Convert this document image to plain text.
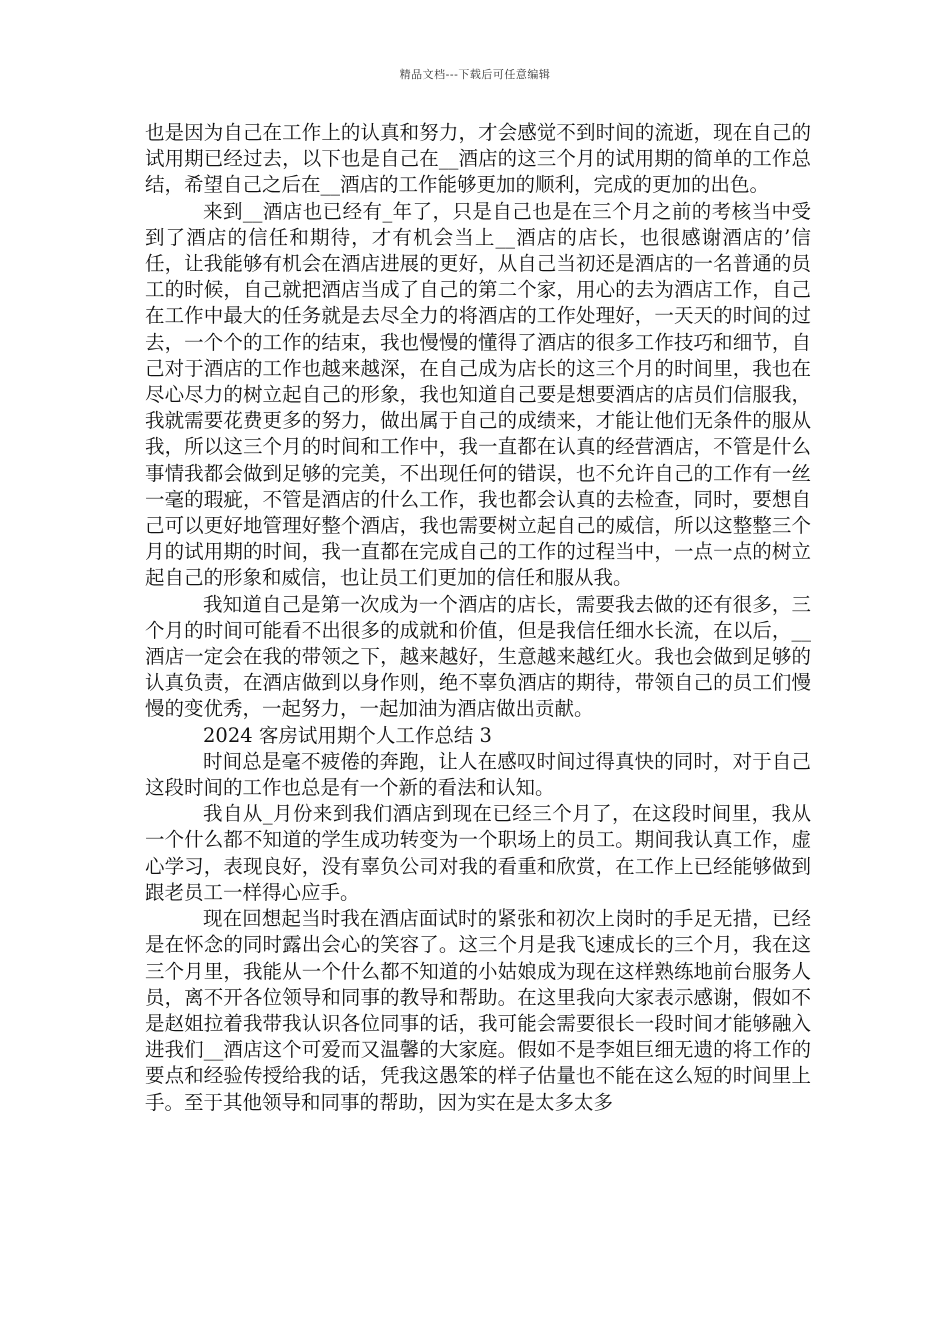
精品文档---下载后可任意编辑

也是因为自己在工作上的认真和努力，才会感觉不到时间的流逝，现在自己的试用期已经过去，以下也是自己在__酒店的这三个月的试用期的简单的工作总结，希望自己之后在__酒店的工作能够更加的顺利，完成的更加的出色。

来到__酒店也已经有_年了，只是自己也是在三个月之前的考核当中受到了酒店的信任和期待，才有机会当上__酒店的店长，也很感谢酒店的’信任，让我能够有机会在酒店进展的更好，从自己当初还是酒店的一名普通的员工的时候，自己就把酒店当成了自己的第二个家，用心的去为酒店工作，自己在工作中最大的任务就是去尽全力的将酒店的工作处理好，一天天的时间的过去，一个个的工作的结束，我也慢慢的懂得了酒店的很多工作技巧和细节，自己对于酒店的工作也越来越深，在自己成为店长的这三个月的时间里，我也在尽心尽力的树立起自己的形象，我也知道自己要是想要酒店的店员们信服我，我就需要花费更多的努力，做出属于自己的成绩来，才能让他们无条件的服从我，所以这三个月的时间和工作中，我一直都在认真的经营酒店，不管是什么事情我都会做到足够的完美，不出现任何的错误，也不允许自己的工作有一丝一毫的瑕疵，不管是酒店的什么工作，我也都会认真的去检查，同时，要想自己可以更好地管理好整个酒店，我也需要树立起自己的威信，所以这整整三个月的试用期的时间，我一直都在完成自己的工作的过程当中，一点一点的树立起自己的形象和威信，也让员工们更加的信任和服从我。

我知道自己是第一次成为一个酒店的店长，需要我去做的还有很多，三个月的时间可能看不出很多的成就和价值，但是我信任细水长流，在以后，__酒店一定会在我的带领之下，越来越好，生意越来越红火。我也会做到足够的认真负责，在酒店做到以身作则，绝不辜负酒店的期待，带领自己的员工们慢慢的变优秀，一起努力，一起加油为酒店做出贡献。

2024 客房试用期个人工作总结 3

时间总是毫不疲倦的奔跑，让人在感叹时间过得真快的同时，对于自己这段时间的工作也总是有一个新的看法和认知。

我自从_月份来到我们酒店到现在已经三个月了，在这段时间里，我从一个什么都不知道的学生成功转变为一个职场上的员工。期间我认真工作，虚心学习，表现良好，没有辜负公司对我的看重和欣赏，在工作上已经能够做到跟老员工一样得心应手。

现在回想起当时我在酒店面试时的紧张和初次上岗时的手足无措，已经是在怀念的同时露出会心的笑容了。这三个月是我飞速成长的三个月，我在这三个月里，我能从一个什么都不知道的小姑娘成为现在这样熟练地前台服务人员，离不开各位领导和同事的教导和帮助。在这里我向大家表示感谢，假如不是赵姐拉着我带我认识各位同事的话，我可能会需要很长一段时间才能够融入进我们__酒店这个可爱而又温馨的大家庭。假如不是李姐巨细无遗的将工作的要点和经验传授给我的话，凭我这愚笨的样子估量也不能在这么短的时间里上手。至于其他领导和同事的帮助，因为实在是太多太多
